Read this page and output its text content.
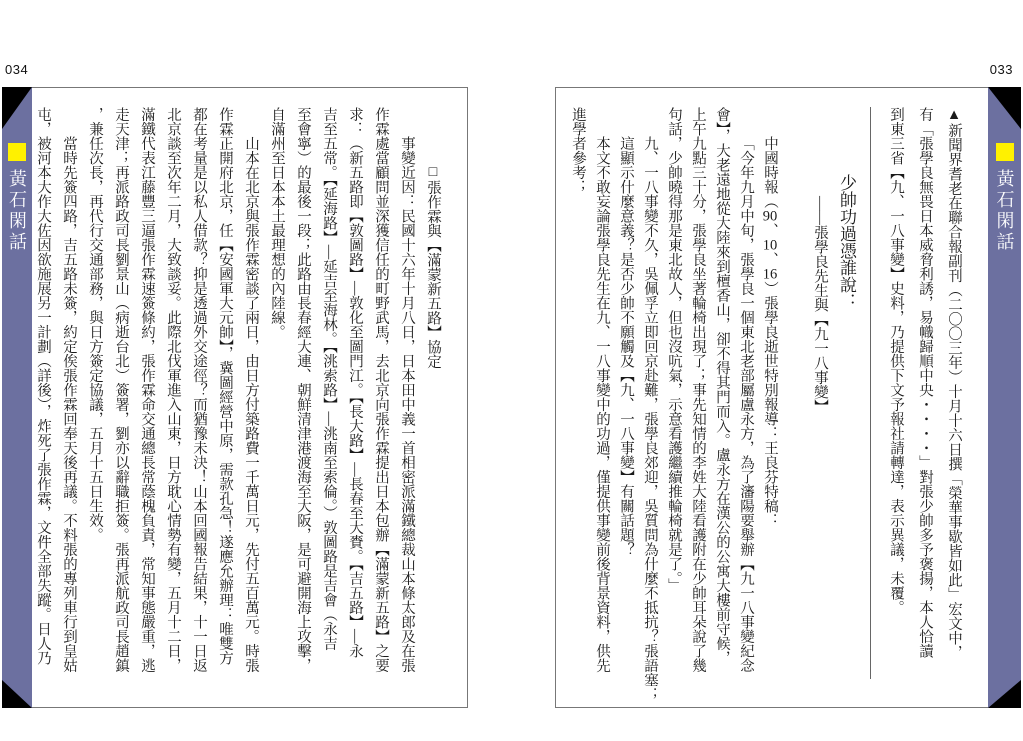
034	033
黃石閑話	□張作霖與【滿蒙新五路】協定
事變近因：民國十六年十月八日，日本田中義一首相密派滿鐵總裁山本條太郎及在張
作霖處當顧問並深獲信任的町野武馬，去北京向張作霖提出日本包辦【滿蒙新五路】之要
求：（新五路即【敦圖路】—敦化至圖門江。【長大路】—長春至大賚。【吉五路】—永
吉至五常。【延海路】—延吉至海林。【洮索路】—洮南至索倫。）敦圖路是吉會（永吉
至會寧）的最後一段；此路由長春經大連、朝鮮清津港渡海至大阪，是可避開海上攻擊，
自滿州至日本本土最理想的內陸線。
山本在北京與張作霖密談了兩日，由日方付築路費一千萬日元，先付五百萬元。時張
作霖正開府北京，任【安國軍大元帥】，冀圖經營中原，需款孔急！遂應允辦理：唯雙方
都在考量是以私人借款？抑是透過外交途徑？而猶豫未決！山本回國報告結果，十一日返
北京談至次年二月，大致談妥。此際北伐軍進入山東，日方耽心情勢有變，五月十二日，
滿鐵代表江藤豐三逼張作霖速簽條約，張作霖命交通總長常蔭槐負責，常知事態嚴重，逃
走天津；再派路政司長劉景山（病逝台北）簽署，劉亦以辭職拒簽。張再派航政司長趙鎮
，兼任次長，再代行交通部務，與日方簽定協議，五月十五日生效。
當時先簽四路，吉五路未簽，約定俟張作霖回奉天後再議。不料張的專列車行到皇姑
屯，被河本大作大佐因欲施展另一計劃（詳後），炸死了張作霖，文件全部失蹤。日人乃	黃石閑話
▲新聞界耆老在聯合報副刊（二〇〇三年）十月十六日撰「榮華事歇皆如此」宏文中，
有「張學良無畏日本威脅利誘，易幟歸順中央・・・・」對張少帥多予褒揚，本人恰讀
到東三省【九、一八事變】史料，乃提供下文予報社請轉達，表示異議，未覆。
少帥功過憑誰說：
——張學良先生與【九一八事變】
中國時報（90、10、16）張學良逝世特別報導：王良芬特稿：
「今年九月中旬，張學良一個東北老部屬盧永方，為了瀋陽要舉辦【九一八事變紀念
會】，大老遠地從大陸來到檀香山，卻不得其門而入。盧永方在漢公的公寓大樓前守候，
上午九點三十分，張學良坐著輪椅出現了；事先知情的李姓大陸看護附在少帥耳朵說了幾
句話，少帥曉得那是東北故人，但也沒吭氣，示意看護繼續推輪椅就是了。」
九、一八事變不久，吳佩孚立即回京赴難，張學良郊迎，吳質問為什麼不抵抗？張語塞；
這顯示什麼意義？是否少帥不願觸及【九、一八事變】有關話題？
本文不敢妄論張學良先生在九、一八事變中的功過，僅提供事變前後背景資料，供先
進學者參考；
